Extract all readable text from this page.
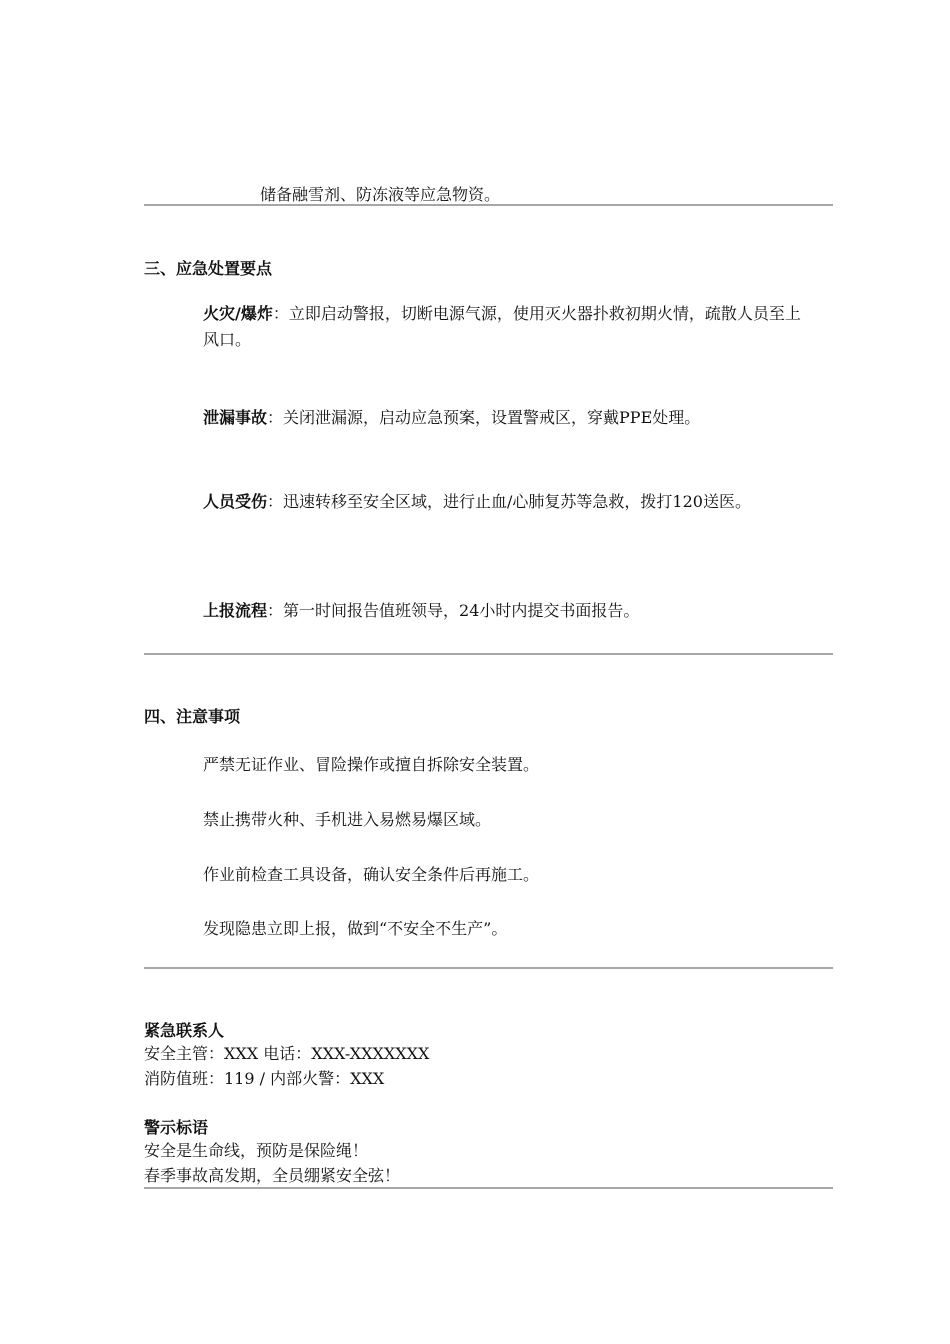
储备融雪剂、防冻液等应急物资。
三、应急处置要点
火灾/爆炸：立即启动警报，切断电源气源，使用灭火器扑救初期火情，疏散人员至上风口。
泄漏事故：关闭泄漏源，启动应急预案，设置警戒区，穿戴PPE处理。
人员受伤：迅速转移至安全区域，进行止血/心肺复苏等急救，拨打120送医。
上报流程：第一时间报告值班领导，24小时内提交书面报告。
四、注意事项
严禁无证作业、冒险操作或擅自拆除安全装置。
禁止携带火种、手机进入易燃易爆区域。
作业前检查工具设备，确认安全条件后再施工。
发现隐患立即上报，做到“不安全不生产”。
紧急联系人
安全主管：XXX 电话：XXX-XXXXXXX
消防值班：119 / 内部火警：XXX
警示标语
安全是生命线，预防是保险绳！
春季事故高发期，全员绷紧安全弦！
